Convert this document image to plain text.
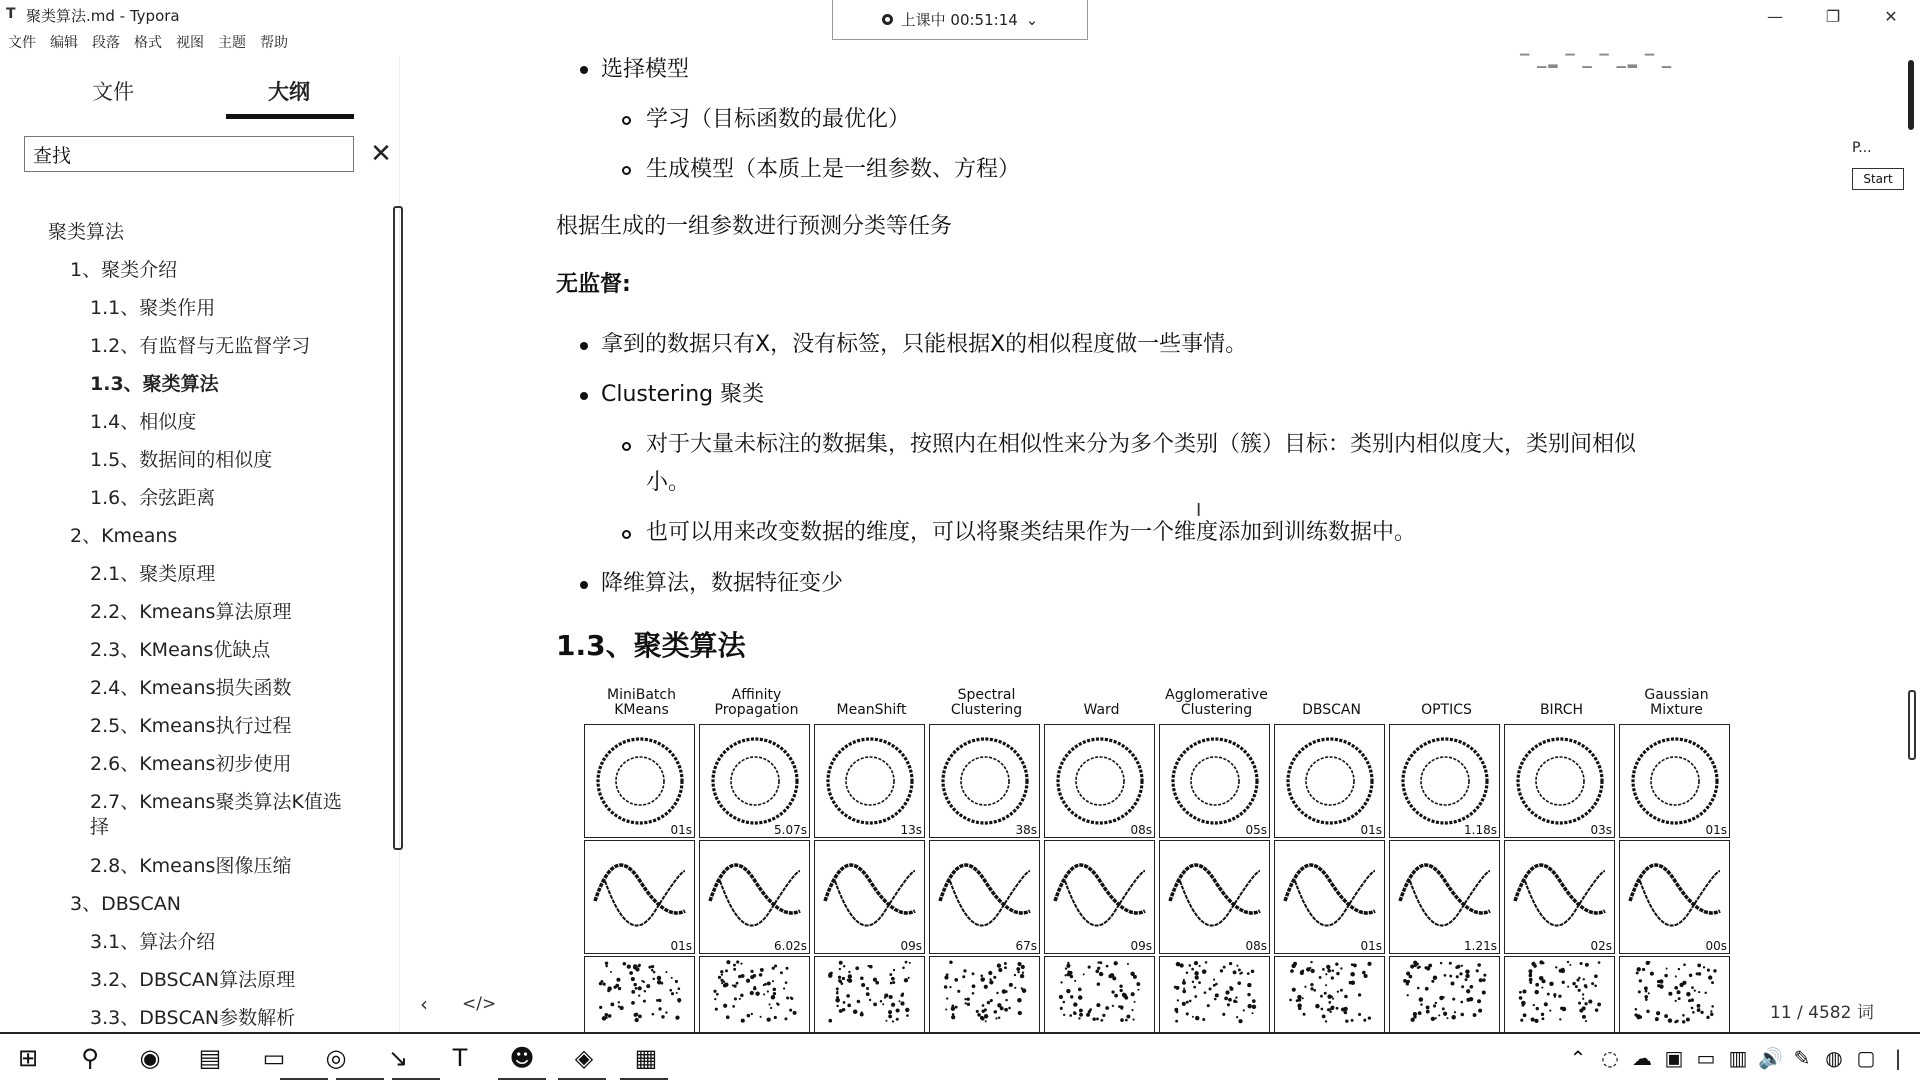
T 聚类算法.md - Typora	—	❐	✕
上课中 00:51:14 ⌄
文件 编辑 段落 格式 视图 主题 帮助
文件	大纲
查找
✕
聚类算法
1、聚类介绍
1.1、聚类作用
1.2、有监督与无监督学习
1.3、聚类算法
1.4、相似度
1.5、数据间的相似度
1.6、余弦距离
2、Kmeans
2.1、聚类原理
2.2、Kmeans算法原理
2.3、KMeans优缺点
2.4、Kmeans损失函数
2.5、Kmeans执行过程
2.6、Kmeans初步使用
2.7、Kmeans聚类算法K值选择
2.8、Kmeans图像压缩
3、DBSCAN
3.1、算法介绍
3.2、DBSCAN算法原理
3.3、DBSCAN参数解析
‹ </>
选择模型
学习（目标函数的最优化）
生成模型（本质上是一组参数、方程）
根据生成的一组参数进行预测分类等任务
无监督:
拿到的数据只有X，没有标签，只能根据X的相似程度做一些事情。
Clustering 聚类
对于大量未标注的数据集，按照内在相似性来分为多个类别（簇）目标：类别内相似度大，类别间相似
小。
也可以用来改变数据的维度，可以将聚类结果作为一个维度添加到训练数据中。
I
降维算法，数据特征变少
1.3、聚类算法
MiniBatch
KMeans
01s
01s
Affinity
Propagation
5.07s
6.02s

MeanShift
13s
09s
Spectral
Clustering
38s
67s

Ward
08s
09s
Agglomerative
Clustering
05s
08s

DBSCAN
01s
01s

OPTICS
1.18s
1.21s

BIRCH
03s
02s
Gaussian
Mixture
01s
00s
▔ ▁▂ ▔ ▁ ▔ ▁▂ ▔ ▁
P...
Start
11 / 4582 词
⊞	⚲	◉ ▤ ▭ ◎ ↘	T	☻ ◈ ▦	⌃ ◌ ☁ ▣ ▭ ▥ 🔊 ✎ ◍ ▢ |
